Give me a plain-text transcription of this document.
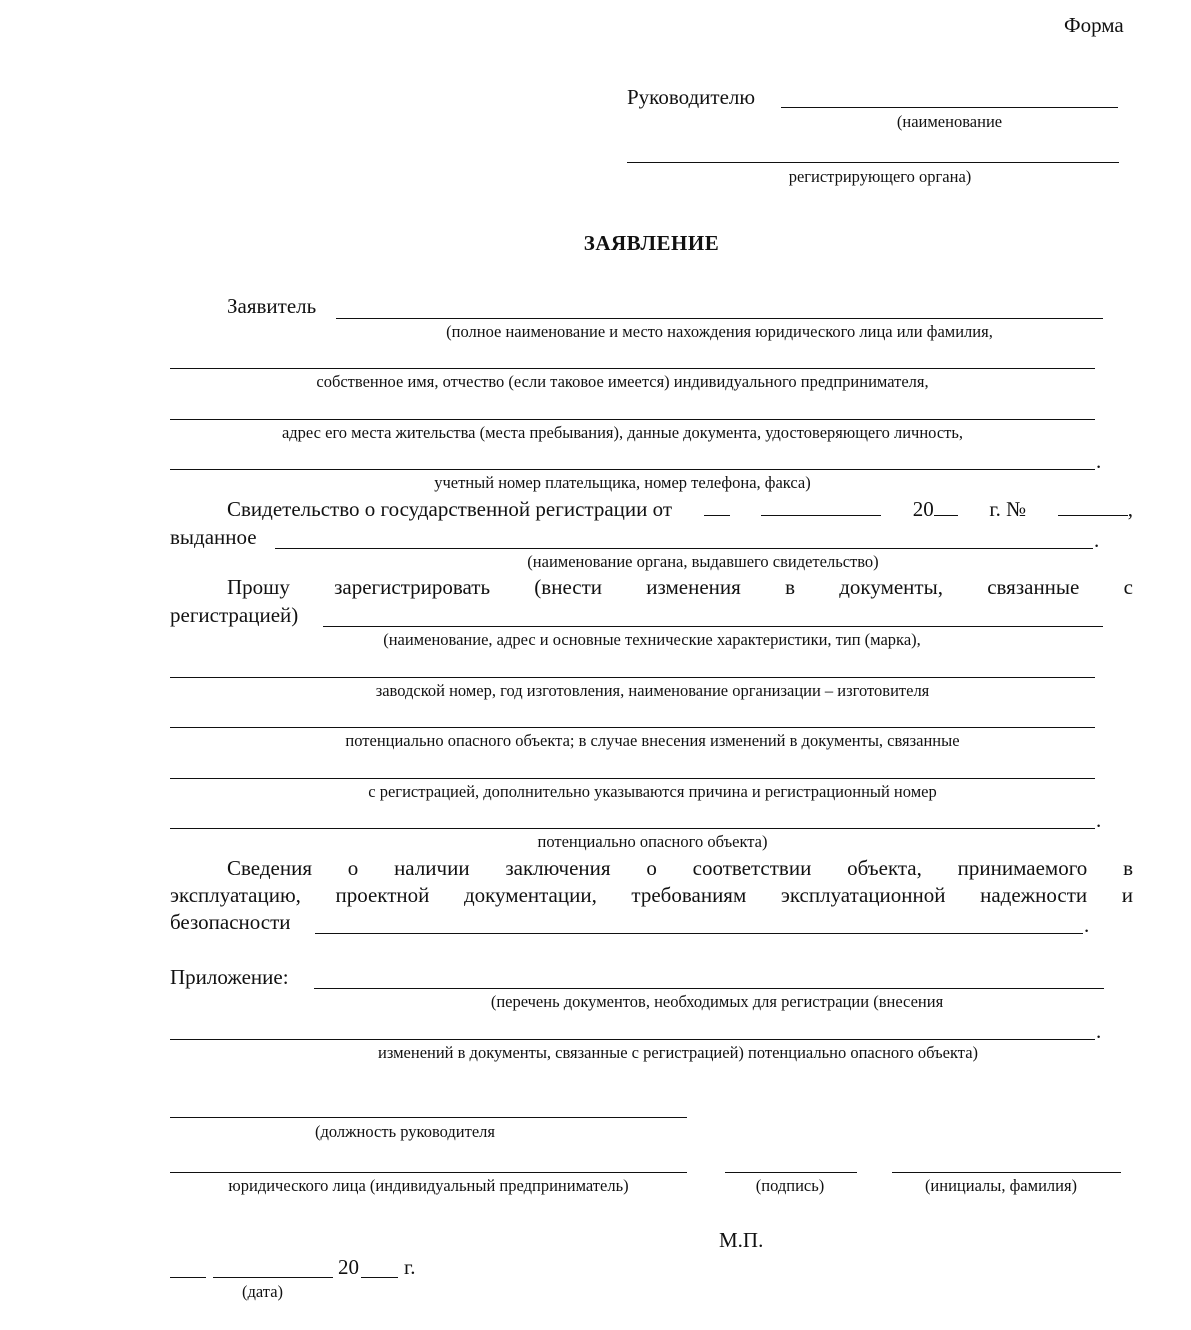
Форма
Руководителю
(наименование
регистрирующего органа)
ЗАЯВЛЕНИЕ
Заявитель
(полное наименование и место нахождения юридического лица или фамилия,
собственное имя, отчество (если таковое имеется) индивидуального предпринимателя,
адрес его места жительства (места пребывания), данные документа, удостоверяющего личность,
.
учетный номер плательщика, номер телефона, факса)
Свидетельство о государственной регистрации от	20	г. №	,
выданное	.
(наименование органа, выдавшего свидетельство)
Прошу зарегистрировать (внести изменения в документы, связанные с
регистрацией)
(наименование, адрес и основные технические характеристики, тип (марка),
заводской номер, год изготовления, наименование организации – изготовителя
потенциально опасного объекта; в случае внесения изменений в документы, связанные
с регистрацией, дополнительно указываются причина и регистрационный номер
.
потенциально опасного объекта)
Сведения о наличии заключения о соответствии объекта, принимаемого в
эксплуатацию, проектной документации, требованиям эксплуатационной надежности и
безопасности	.
Приложение:
(перечень документов, необходимых для регистрации (внесения
.
изменений в документы, связанные с регистрацией) потенциально опасного объекта)
(должность руководителя
юридического лица (индивидуальный предприниматель)	(подпись)	(инициалы, фамилия)
М.П.
20 г.
(дата)
